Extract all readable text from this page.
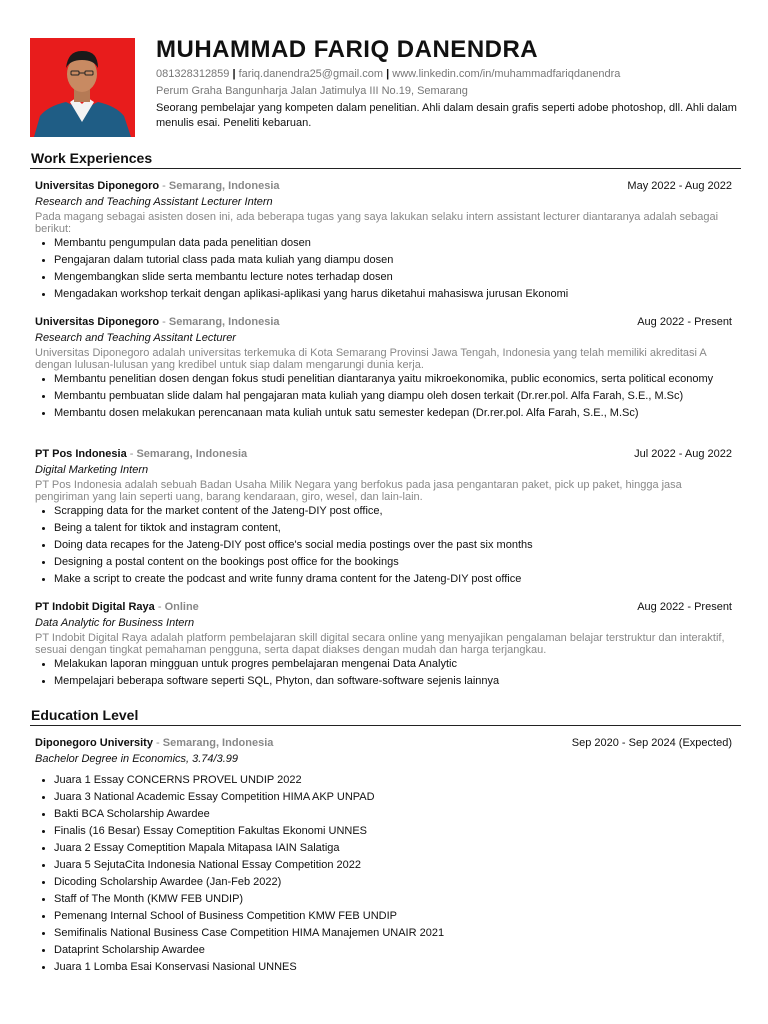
MUHAMMAD FARIQ DANENDRA
081328312859 | fariq.danendra25@gmail.com | www.linkedin.com/in/muhammadfariqdanendra
Perum Graha Bangunharja Jalan Jatimulya III No.19, Semarang
Seorang pembelajar yang kompeten dalam penelitian. Ahli dalam desain grafis seperti adobe photoshop, dll. Ahli dalam menulis esai. Peneliti kebaruan.
Work Experiences
Universitas Diponegoro - Semarang, Indonesia	May 2022 - Aug 2022
Research and Teaching Assistant Lecturer Intern
Pada magang sebagai asisten dosen ini, ada beberapa tugas yang saya lakukan selaku intern assistant lecturer diantaranya adalah sebagai berikut:
• Membantu pengumpulan data pada penelitian dosen
• Pengajaran dalam tutorial class pada mata kuliah yang diampu dosen
• Mengembangkan slide serta membantu lecture notes terhadap dosen
• Mengadakan workshop terkait dengan aplikasi-aplikasi yang harus diketahui mahasiswa jurusan Ekonomi
Universitas Diponegoro - Semarang, Indonesia	Aug 2022 - Present
Research and Teaching Assitant Lecturer
Universitas Diponegoro adalah universitas terkemuka di Kota Semarang Provinsi Jawa Tengah, Indonesia yang telah memiliki akreditasi A dengan lulusan-lulusan yang kredibel untuk siap dalam mengarungi dunia kerja.
• Membantu penelitian dosen dengan fokus studi penelitian diantaranya yaitu mikroekonomika, public economics, serta political economy
• Membantu pembuatan slide dalam hal pengajaran mata kuliah yang diampu oleh dosen terkait (Dr.rer.pol. Alfa Farah, S.E., M.Sc)
• Membantu dosen melakukan perencanaan mata kuliah untuk satu semester kedepan (Dr.rer.pol. Alfa Farah, S.E., M.Sc)
PT Pos Indonesia - Semarang, Indonesia	Jul 2022 - Aug 2022
Digital Marketing Intern
PT Pos Indonesia adalah sebuah Badan Usaha Milik Negara yang berfokus pada jasa pengantaran paket, pick up paket, hingga jasa pengiriman yang lain seperti uang, barang kendaraan, giro, wesel, dan lain-lain.
• Scrapping data for the market content of the Jateng-DIY post office,
• Being a talent for tiktok and instagram content,
• Doing data recapes for the Jateng-DIY post office's social media postings over the past six months
• Designing a postal content on the bookings post office for the bookings
• Make a script to create the podcast and write funny drama content for the Jateng-DIY post office
PT Indobit Digital Raya - Online	Aug 2022 - Present
Data Analytic for Business Intern
PT Indobit Digital Raya adalah platform pembelajaran skill digital secara online yang menyajikan pengalaman belajar terstruktur dan interaktif, sesuai dengan tingkat pemahaman pengguna, serta dapat diakses dengan mudah dan harga terjangkau.
• Melakukan laporan mingguan untuk progres pembelajaran mengenai Data Analytic
• Mempelajari beberapa software seperti SQL, Phyton, dan software-software sejenis lainnya
Education Level
Diponegoro University - Semarang, Indonesia	Sep 2020 - Sep 2024 (Expected)
Bachelor Degree in Economics, 3.74/3.99
• Juara 1 Essay CONCERNS PROVEL UNDIP 2022
• Juara 3 National Academic Essay Competition HIMA AKP UNPAD
• Bakti BCA Scholarship Awardee
• Finalis (16 Besar) Essay Comeptition Fakultas Ekonomi UNNES
• Juara 2 Essay Comeptition Mapala Mitapasa IAIN Salatiga
• Juara 5 SejutaCita Indonesia National Essay Competition 2022
• Dicoding Scholarship Awardee (Jan-Feb 2022)
• Staff of The Month (KMW FEB UNDIP)
• Pemenang Internal School of Business Competition KMW FEB UNDIP
• Semifinalis National Business Case Competition HIMA Manajemen UNAIR 2021
• Dataprint Scholarship Awardee
• Juara 1 Lomba Esai Konservasi Nasional UNNES
